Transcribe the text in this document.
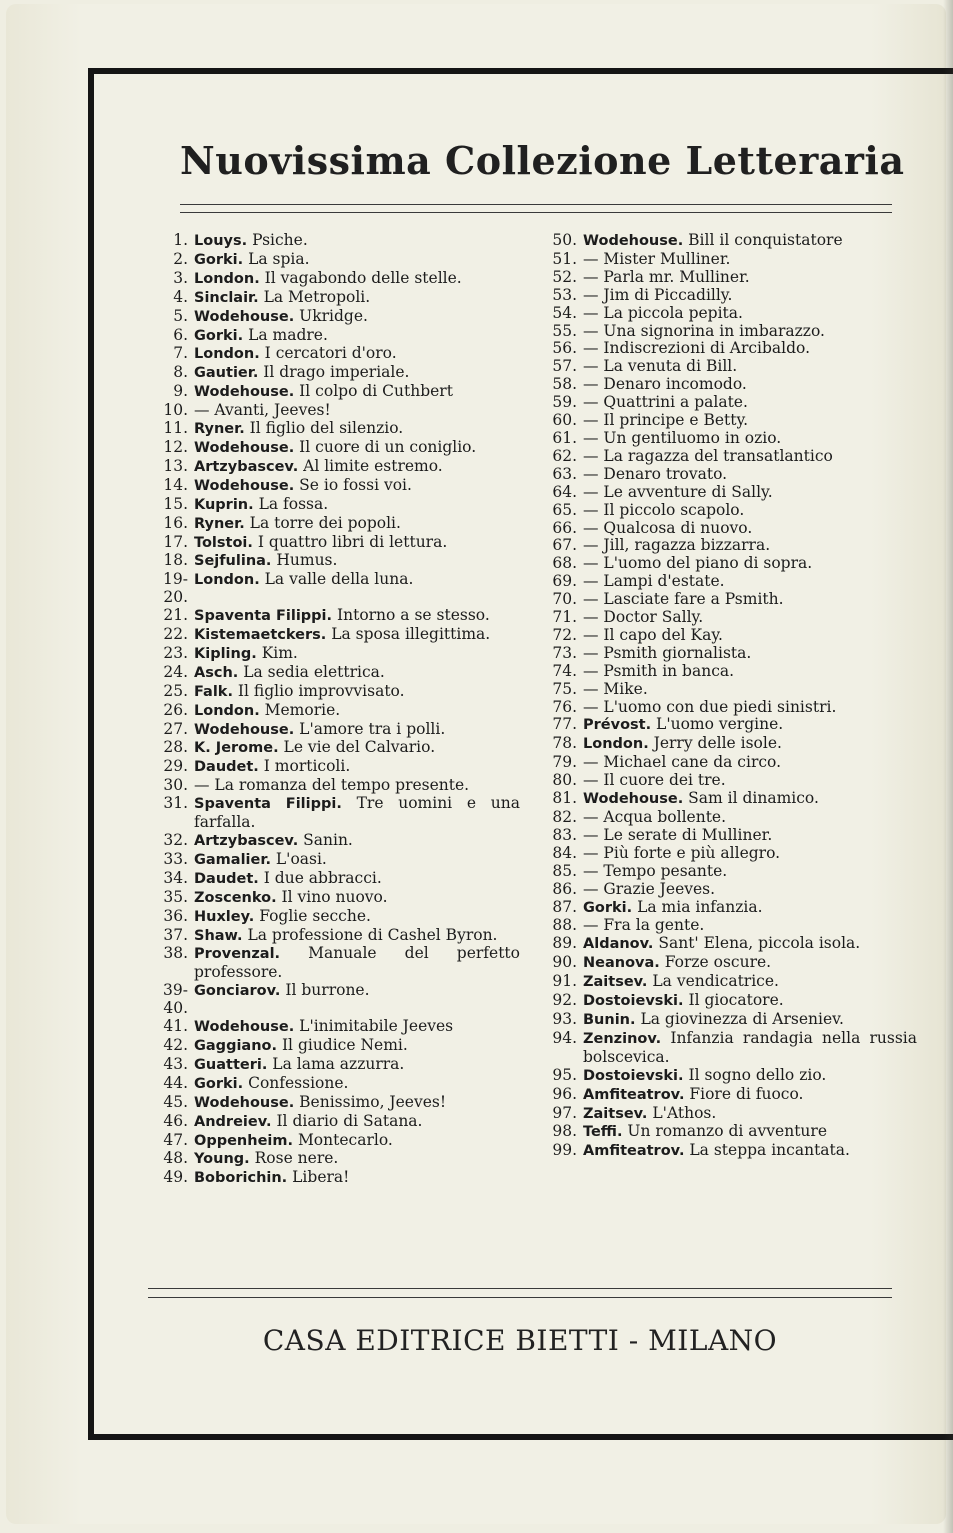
Nuovissima Collezione Letteraria
1. Louys. Psiche.
2. Gorki. La spia.
3. London. Il vagabondo delle stelle.
4. Sinclair. La Metropoli.
5. Wodehouse. Ukridge.
6. Gorki. La madre.
7. London. I cercatori d'oro.
8. Gautier. Il drago imperiale.
9. Wodehouse. Il colpo di Cuthbert
10. — Avanti, Jeeves!
11. Ryner. Il figlio del silenzio.
12. Wodehouse. Il cuore di un coniglio.
13. Artzybascev. Al limite estremo.
14. Wodehouse. Se io fossi voi.
15. Kuprin. La fossa.
16. Ryner. La torre dei popoli.
17. Tolstoi. I quattro libri di lettura.
18. Sejfulina. Humus.
19-20.
London. La valle della luna.
21. Spaventa Filippi. Intorno a se stesso.
22. Kistemaetckers. La sposa illegittima.
23. Kipling. Kim.
24. Asch. La sedia elettrica.
25. Falk. Il figlio improvvisato.
26. London. Memorie.
27. Wodehouse. L'amore tra i polli.
28. K. Jerome. Le vie del Calvario.
29. Daudet. I morticoli.
30. — La romanza del tempo presente.
31. Spaventa Filippi. Tre uomini e una farfalla.
32. Artzybascev. Sanin.
33. Gamalier. L'oasi.
34. Daudet. I due abbracci.
35. Zoscenko. Il vino nuovo.
36. Huxley. Foglie secche.
37. Shaw. La professione di Cashel Byron.
38. Provenzal. Manuale del perfetto professore.
39-40.
Gonciarov. Il burrone.
41. Wodehouse. L'inimitabile Jeeves
42. Gaggiano. Il giudice Nemi.
43. Guatteri. La lama azzurra.
44. Gorki. Confessione.
45. Wodehouse. Benissimo, Jeeves!
46. Andreiev. Il diario di Satana.
47. Oppenheim. Montecarlo.
48. Young. Rose nere.
49. Boborichin. Libera!
50. Wodehouse. Bill il conquistatore
51. — Mister Mulliner.
52. — Parla mr. Mulliner.
53. — Jim di Piccadilly.
54. — La piccola pepita.
55. — Una signorina in imbarazzo.
56. — Indiscrezioni di Arcibaldo.
57. — La venuta di Bill.
58. — Denaro incomodo.
59. — Quattrini a palate.
60. — Il principe e Betty.
61. — Un gentiluomo in ozio.
62. — La ragazza del transatlantico
63. — Denaro trovato.
64. — Le avventure di Sally.
65. — Il piccolo scapolo.
66. — Qualcosa di nuovo.
67. — Jill, ragazza bizzarra.
68. — L'uomo del piano di sopra.
69. — Lampi d'estate.
70. — Lasciate fare a Psmith.
71. — Doctor Sally.
72. — Il capo del Kay.
73. — Psmith giornalista.
74. — Psmith in banca.
75. — Mike.
76. — L'uomo con due piedi sinistri.
77. Prévost. L'uomo vergine.
78. London. Jerry delle isole.
79. — Michael cane da circo.
80. — Il cuore dei tre.
81. Wodehouse. Sam il dinamico.
82. — Acqua bollente.
83. — Le serate di Mulliner.
84. — Più forte e più allegro.
85. — Tempo pesante.
86. — Grazie Jeeves.
87. Gorki. La mia infanzia.
88. — Fra la gente.
89. Aldanov. Sant' Elena, piccola isola.
90. Neanova. Forze oscure.
91. Zaitsev. La vendicatrice.
92. Dostoievski. Il giocatore.
93. Bunin. La giovinezza di Arseniev.
94. Zenzinov. Infanzia randagia nella russia bolscevica.
95. Dostoievski. Il sogno dello zio.
96. Amfiteatrov. Fiore di fuoco.
97. Zaitsev. L'Athos.
98. Teffi. Un romanzo di avventure
99. Amfiteatrov. La steppa incantata.
CASA EDITRICE BIETTI - MILANO
